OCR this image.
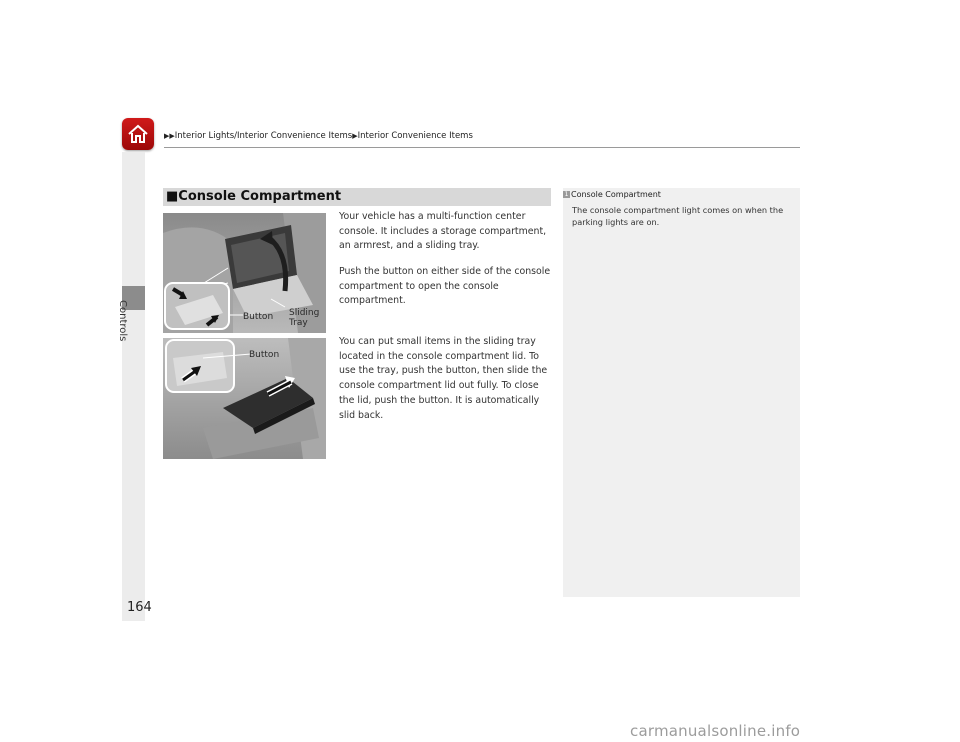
▶▶Interior Lights/Interior Convenience Items▶Interior Convenience Items
Controls
■Console Compartment
Button Sliding
Tray
Button

Your vehicle has a multi-function center console. It includes a storage compartment, an armrest, and a sliding tray.

Push the button on either side of the console compartment to open the console compartment.

You can put small items in the sliding tray located in the console compartment lid. To use the tray, push the button, then slide the console compartment lid out fully. To close the lid, push the button. It is automatically slid back.

1 Console Compartment

The console compartment light comes on when the parking lights are on.

164
carmanualsonline.info
